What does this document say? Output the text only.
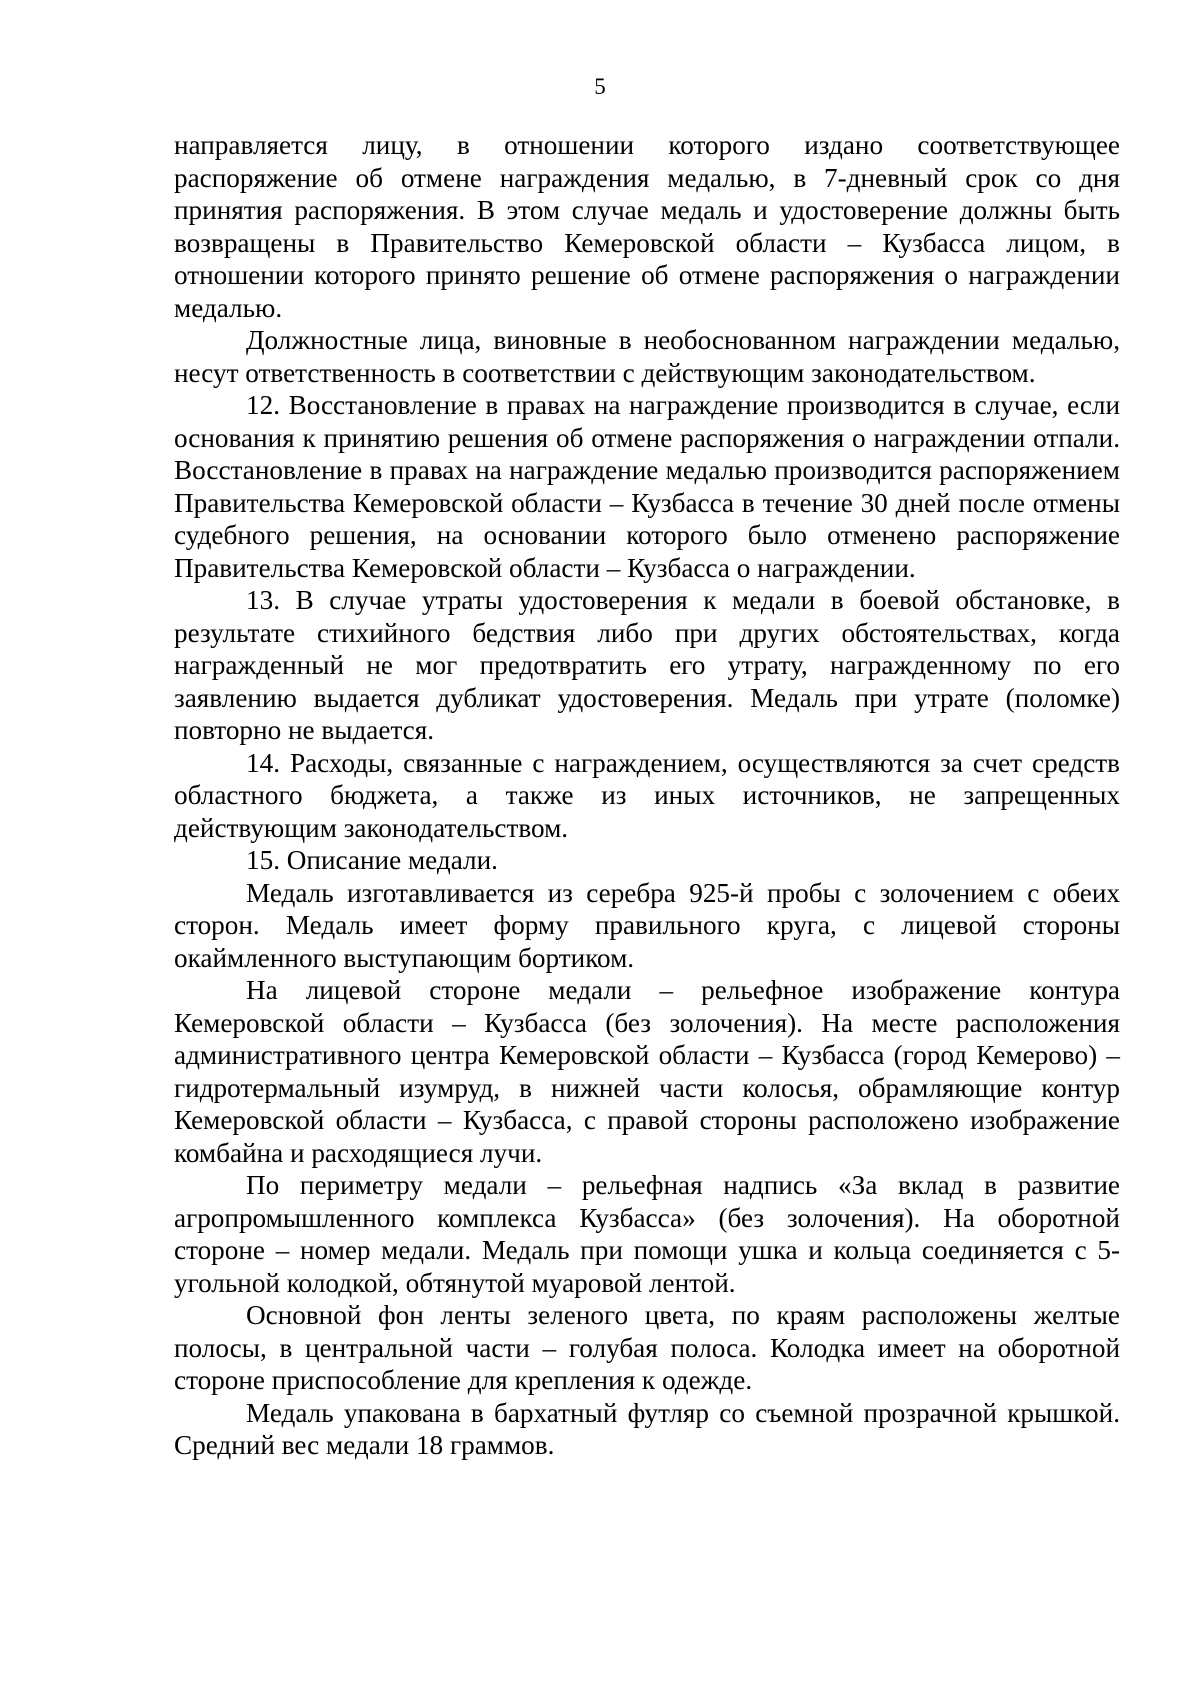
5

направляется лицу, в отношении которого издано соответствующее распоряжение об отмене награждения медалью, в 7-дневный срок со дня принятия распоряжения. В этом случае медаль и удостоверение должны быть возвращены в Правительство Кемеровской области – Кузбасса лицом, в отношении которого принято решение об отмене распоряжения о награждении медалью.

Должностные лица, виновные в необоснованном награждении медалью, несут ответственность в соответствии с действующим законодательством.

12. Восстановление в правах на награждение производится в случае, если основания к принятию решения об отмене распоряжения о награждении отпали. Восстановление в правах на награждение медалью производится распоряжением Правительства Кемеровской области – Кузбасса в течение 30 дней после отмены судебного решения, на основании которого было отменено распоряжение Правительства Кемеровской области – Кузбасса о награждении.

13. В случае утраты удостоверения к медали в боевой обстановке, в результате стихийного бедствия либо при других обстоятельствах, когда награжденный не мог предотвратить его утрату, награжденному по его заявлению выдается дубликат удостоверения. Медаль при утрате (поломке) повторно не выдается.

14. Расходы, связанные с награждением, осуществляются за счет средств областного бюджета, а также из иных источников, не запрещенных действующим законодательством.

15. Описание медали.

Медаль изготавливается из серебра 925-й пробы с золочением с обеих сторон. Медаль имеет форму правильного круга, с лицевой стороны окаймленного выступающим бортиком.

На лицевой стороне медали – рельефное изображение контура Кемеровской области – Кузбасса (без золочения). На месте расположения административного центра Кемеровской области – Кузбасса (город Кемерово) – гидротермальный изумруд, в нижней части колосья, обрамляющие контур Кемеровской области – Кузбасса, с правой стороны расположено изображение комбайна и расходящиеся лучи.

По периметру медали – рельефная надпись «За вклад в развитие агропромышленного комплекса Кузбасса» (без золочения). На оборотной стороне – номер медали. Медаль при помощи ушка и кольца соединяется с 5-угольной колодкой, обтянутой муаровой лентой.

Основной фон ленты зеленого цвета, по краям расположены желтые полосы, в центральной части – голубая полоса. Колодка имеет на оборотной стороне приспособление для крепления к одежде.

Медаль упакована в бархатный футляр со съемной прозрачной крышкой. Средний вес медали 18 граммов.
